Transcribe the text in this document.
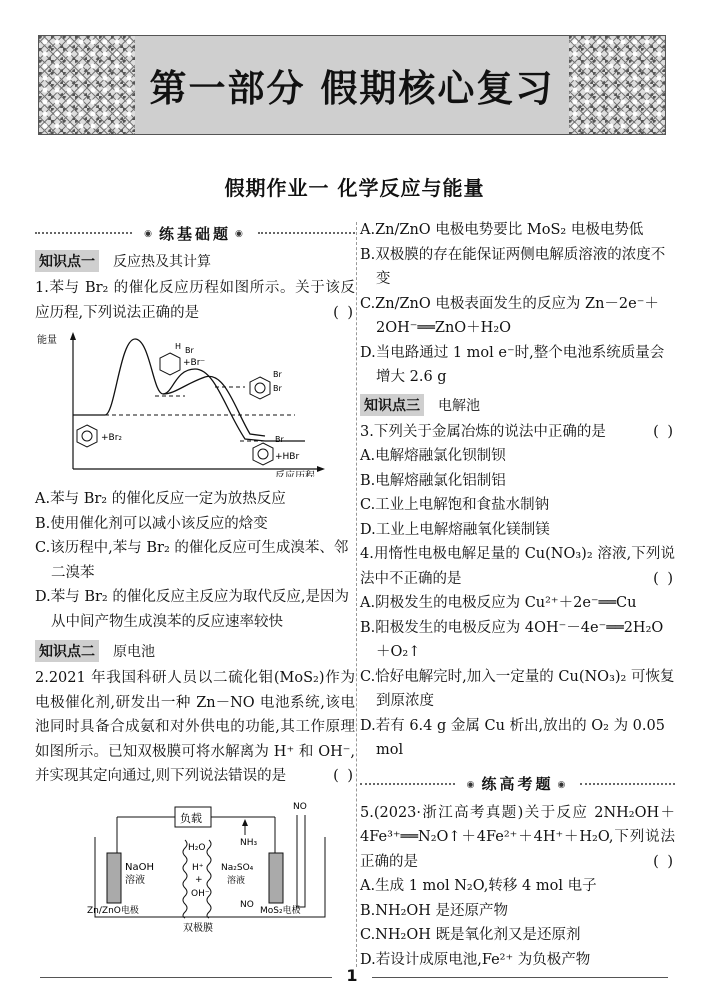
第一部分 假期核心复习
假期作业一 化学反应与能量
◉ 练基础题 ◉
知识点一 反应热及其计算
1.苯与 Br₂ 的催化反应历程如图所示。关于该反应历程,下列说法正确的是	( )
能量
反应历程
+Br₂
H Br
+Br⁻
Br
Br
Br
+HBr
A.苯与 Br₂ 的催化反应一定为放热反应
B.使用催化剂可以减小该反应的焓变
C.该历程中,苯与 Br₂ 的催化反应可生成溴苯、邻二溴苯
D.苯与 Br₂ 的催化反应主反应为取代反应,是因为从中间产物生成溴苯的反应速率较快
知识点二 原电池
2.2021 年我国科研人员以二硫化钼(MoS₂)作为电极催化剂,研发出一种 Zn－NO 电池系统,该电池同时具备合成氨和对外供电的功能,其工作原理如图所示。已知双极膜可将水解离为 H⁺ 和 OH⁻,并实现其定向通过,则下列说法错误的是	( )
负载
NO
H₂O
H⁺
+
OH⁻
NH₃
NaOH
溶液
Na₂SO₄
溶液
NO
Zn/ZnO电极	MoS₂电极
双极膜
A.Zn/ZnO 电极电势要比 MoS₂ 电极电势低
B.双极膜的存在能保证两侧电解质溶液的浓度不变
C.Zn/ZnO 电极表面发生的反应为 Zn－2e⁻＋2OH⁻══ZnO＋H₂O
D.当电路通过 1 mol e⁻时,整个电池系统质量会增大 2.6 g
知识点三 电解池
3.下列关于金属冶炼的说法中正确的是	( )
A.电解熔融氯化钡制钡
B.电解熔融氯化铝制铝
C.工业上电解饱和食盐水制钠
D.工业上电解熔融氧化镁制镁
4.用惰性电极电解足量的 Cu(NO₃)₂ 溶液,下列说法中不正确的是	( )
A.阴极发生的电极反应为 Cu²⁺＋2e⁻══Cu
B.阳极发生的电极反应为 4OH⁻－4e⁻══2H₂O＋O₂↑
C.恰好电解完时,加入一定量的 Cu(NO₃)₂ 可恢复到原浓度
D.若有 6.4 g 金属 Cu 析出,放出的 O₂ 为 0.05 mol
◉ 练高考题 ◉
5.(2023·浙江高考真题)关于反应 2NH₂OH＋4Fe³⁺══N₂O↑＋4Fe²⁺＋4H⁺＋H₂O,下列说法正确的是	( )
A.生成 1 mol N₂O,转移 4 mol 电子
B.NH₂OH 是还原产物
C.NH₂OH 既是氧化剂又是还原剂
D.若设计成原电池,Fe²⁺ 为负极产物
1
